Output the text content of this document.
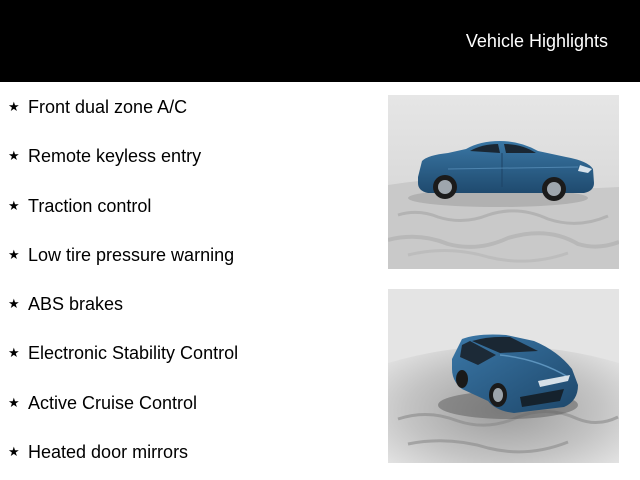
Vehicle Highlights
★ Front dual zone A/C
★ Remote keyless entry
★ Traction control
★ Low tire pressure warning
★ ABS brakes
★ Electronic Stability Control
★ Active Cruise Control
★ Heated door mirrors
